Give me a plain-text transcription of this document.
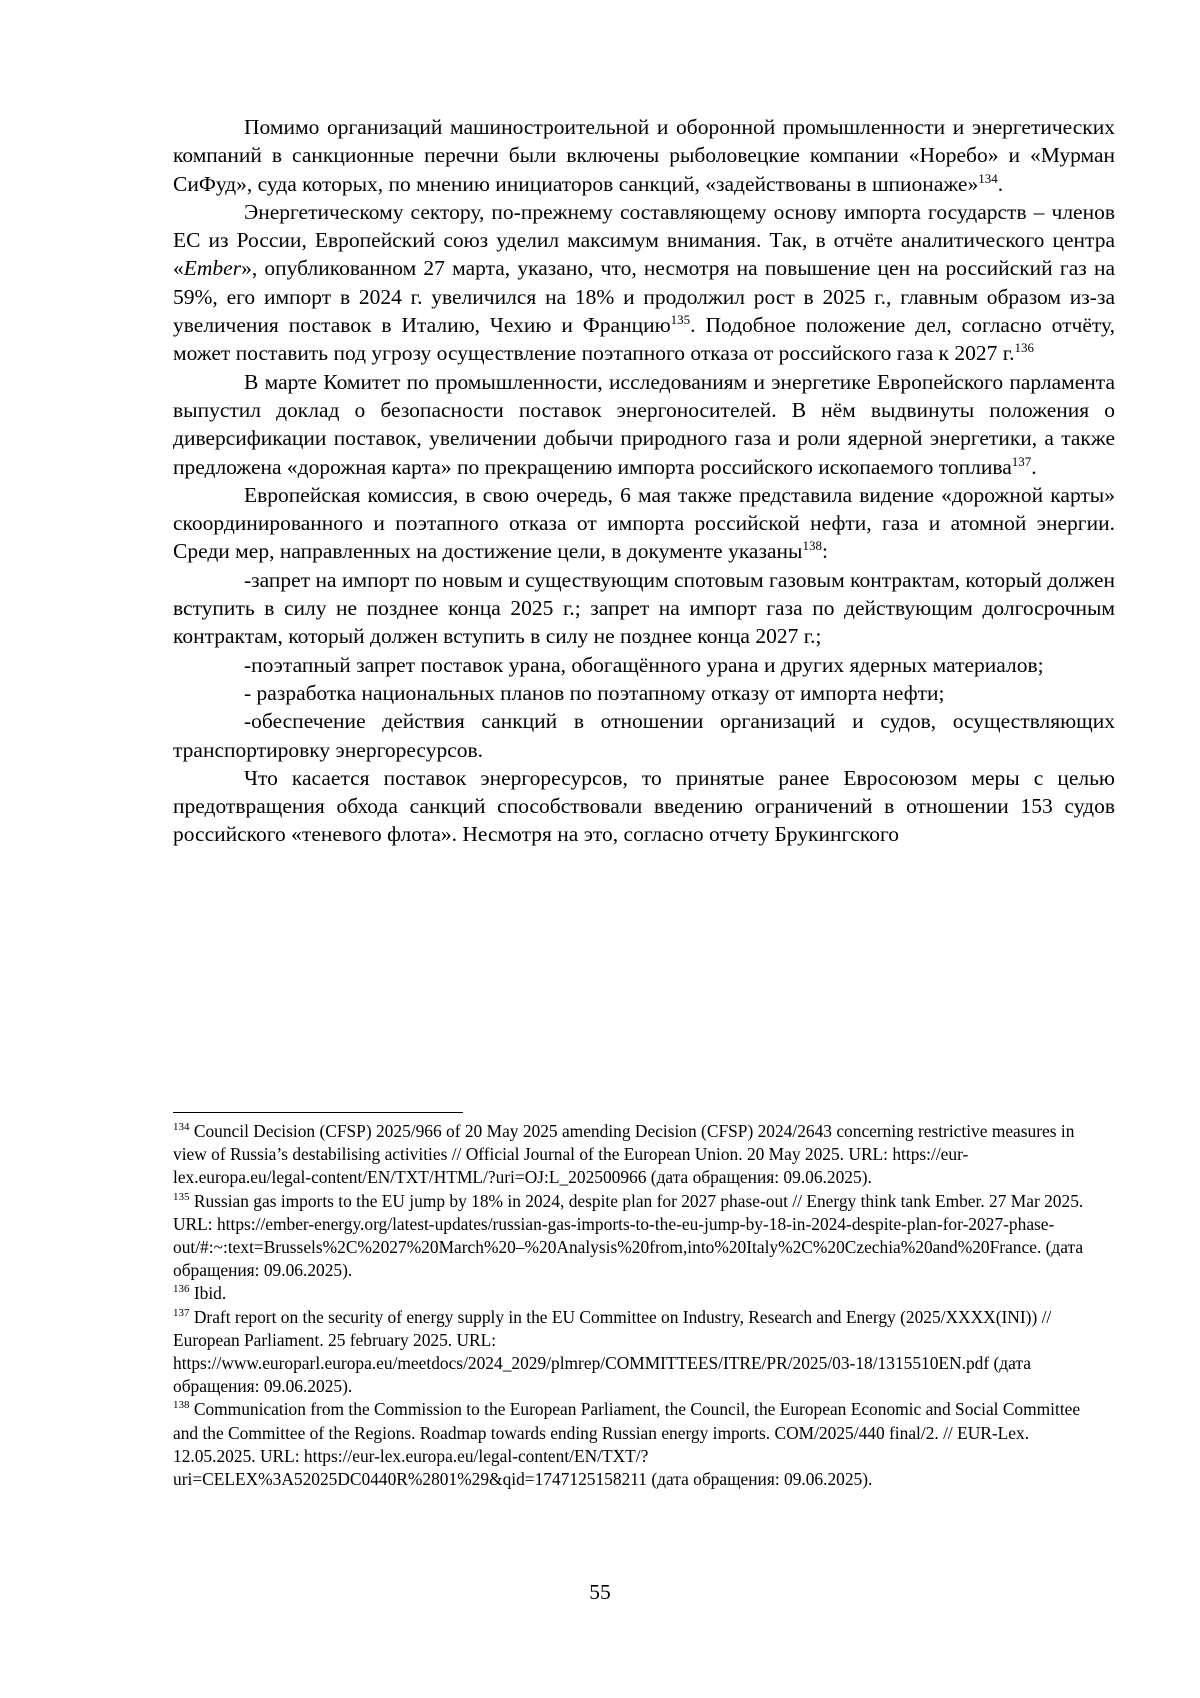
Помимо организаций машиностроительной и оборонной промышленности и энергетических компаний в санкционные перечни были включены рыболовецкие компании «Норебо» и «Мурман СиФуд», суда которых, по мнению инициаторов санкций, «задействованы в шпионаже»$^{134}$.

Энергетическому сектору, по-прежнему составляющему основу импорта государств – членов ЕС из России, Европейский союз уделил максимум внимания. Так, в отчёте аналитического центра «Ember», опубликованном 27 марта, указано, что, несмотря на повышение цен на российский газ на 59%, его импорт в 2024 г. увеличился на 18% и продолжил рост в 2025 г., главным образом из-за увеличения поставок в Италию, Чехию и Францию$^{135}$. Подобное положение дел, согласно отчёту, может поставить под угрозу осуществление поэтапного отказа от российского газа к 2027 г.$^{136}$

В марте Комитет по промышленности, исследованиям и энергетике Европейского парламента выпустил доклад о безопасности поставок энергоносителей. В нём выдвинуты положения о диверсификации поставок, увеличении добычи природного газа и роли ядерной энергетики, а также предложена «дорожная карта» по прекращению импорта российского ископаемого топлива$^{137}$.

Европейская комиссия, в свою очередь, 6 мая также представила видение «дорожной карты» скоординированного и поэтапного отказа от импорта российской нефти, газа и атомной энергии. Среди мер, направленных на достижение цели, в документе указаны$^{138}$:

-запрет на импорт по новым и существующим спотовым газовым контрактам, который должен вступить в силу не позднее конца 2025 г.; запрет на импорт газа по действующим долгосрочным контрактам, который должен вступить в силу не позднее конца 2027 г.;

-поэтапный запрет поставок урана, обогащённого урана и других ядерных материалов;

- разработка национальных планов по поэтапному отказу от импорта нефти;

-обеспечение действия санкций в отношении организаций и судов, осуществляющих транспортировку энергоресурсов.

Что касается поставок энергоресурсов, то принятые ранее Евросоюзом меры с целью предотвращения обхода санкций способствовали введению ограничений в отношении 153 судов российского «теневого флота». Несмотря на это, согласно отчету Брукингского

$^{134}$ Council Decision (CFSP) 2025/966 of 20 May 2025 amending Decision (CFSP) 2024/2643 concerning restrictive measures in view of Russia’s destabilising activities // Official Journal of the European Union. 20 May 2025. URL: https://eur-lex.europa.eu/legal-content/EN/TXT/HTML/?uri=OJ:L_202500966 (дата обращения: 09.06.2025).

$^{135}$ Russian gas imports to the EU jump by 18% in 2024, despite plan for 2027 phase-out // Energy think tank Ember. 27 Mar 2025. URL: https://ember-energy.org/latest-updates/russian-gas-imports-to-the-eu-jump-by-18-in-2024-despite-plan-for-2027-phase-out/#:~:text=Brussels%2C%2027%20March%20–%20Analysis%20from,into%20Italy%2C%20Czechia%20and%20France. (дата обращения: 09.06.2025).

$^{136}$ Ibid.

$^{137}$ Draft report on the security of energy supply in the EU Committee on Industry, Research and Energy (2025/XXXX(INI)) // European Parliament. 25 february 2025. URL: https://www.europarl.europa.eu/meetdocs/2024_2029/plmrep/COMMITTEES/ITRE/PR/2025/03-18/1315510EN.pdf (дата обращения: 09.06.2025).

$^{138}$ Communication from the Commission to the European Parliament, the Council, the European Economic and Social Committee and the Committee of the Regions. Roadmap towards ending Russian energy imports. COM/2025/440 final/2. // EUR-Lex. 12.05.2025. URL: https://eur-lex.europa.eu/legal-content/EN/TXT/?uri=CELEX%3A52025DC0440R%2801%29&qid=1747125158211 (дата обращения: 09.06.2025).

55
